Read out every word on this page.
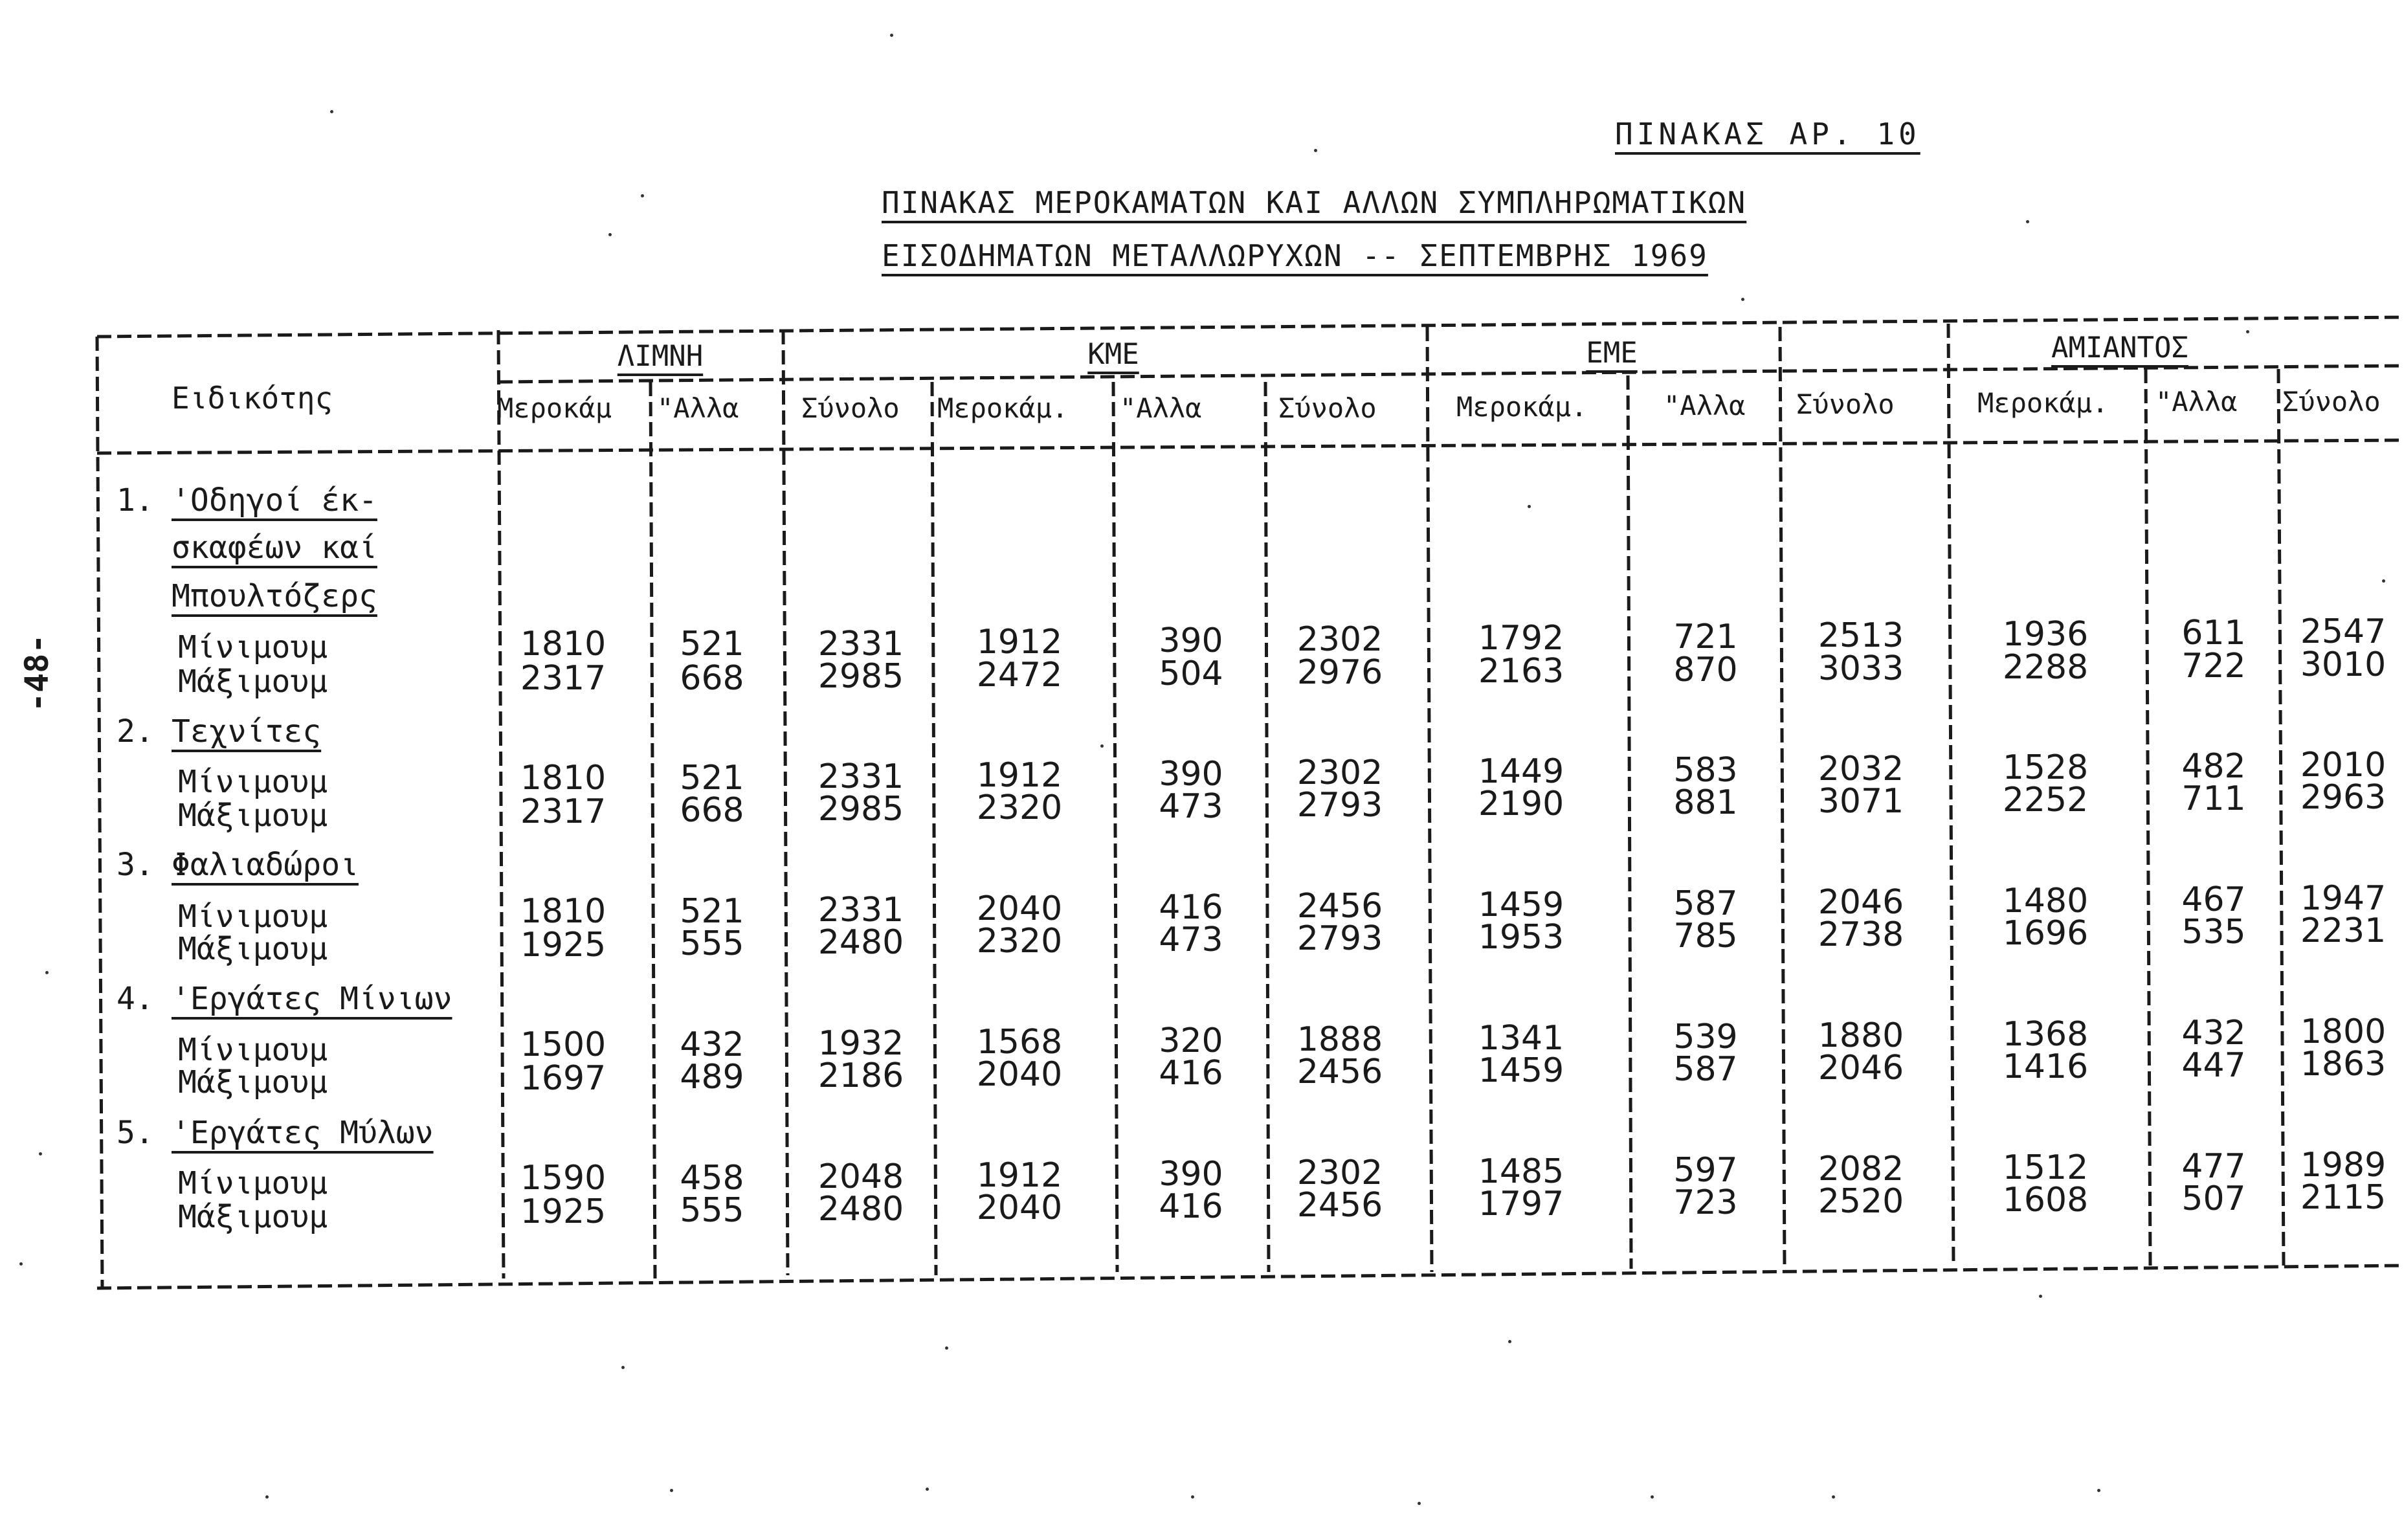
ΠΙΝΑΚΑΣ ΑΡ. 10
ΠΙΝΑΚΑΣ ΜΕΡΟΚΑΜΑΤΩΝ ΚΑΙ ΑΛΛΩΝ ΣΥΜΠΛΗΡΩΜΑΤΙΚΩΝ
ΕΙΣΟΔΗΜΑΤΩΝ ΜΕΤΑΛΛΩΡΥΧΩΝ -- ΣΕΠΤΕΜΒΡΗΣ 1969
-48-
Ειδικότης
ΛΙΜΝΗ	ΚΜΕ	ΕΜΕ	ΑΜΙΑΝΤΟΣ
Μεροκάμ "Αλλα Σύνολο Μεροκάμ. "Αλλα	Σύνολο	Μεροκάμ.	"Αλλα Σύνολο	Μεροκάμ. "Αλλα Σύνολο
1. 'Οδηγοί έκ-
σκαφέων καί
Μπουλτόζερς
Μίνιμουμ
Μάξιμουμ
1810	521	2331	1912	390	2302	1792	721	2513	1936	611	2547
2317	668	2985	2472	504	2976	2163	870	3033	2288	722	3010
2. Τεχνίτες
Μίνιμουμ
Μάξιμουμ
1810	521	2331	1912	390	2302	1449	583	2032	1528	482	2010
2317	668	2985	2320	473	2793	2190	881	3071	2252	711	2963
3. Φαλιαδώροι
Μίνιμουμ
Μάξιμουμ
1810	521	2331	2040	416	2456	1459	587	2046	1480	467	1947
1925	555	2480	2320	473	2793	1953	785	2738	1696	535	2231
4. 'Εργάτες Μίνιων
Μίνιμουμ
Μάξιμουμ
1500	432	1932	1568	320	1888	1341	539	1880	1368	432	1800
1697	489	2186	2040	416	2456	1459	587	2046	1416	447	1863
5. 'Εργάτες Μύλων
Μίνιμουμ
Μάξιμουμ
1590	458	2048	1912	390	2302	1485	597	2082	1512	477	1989
1925	555	2480	2040	416	2456	1797	723	2520	1608	507	2115
